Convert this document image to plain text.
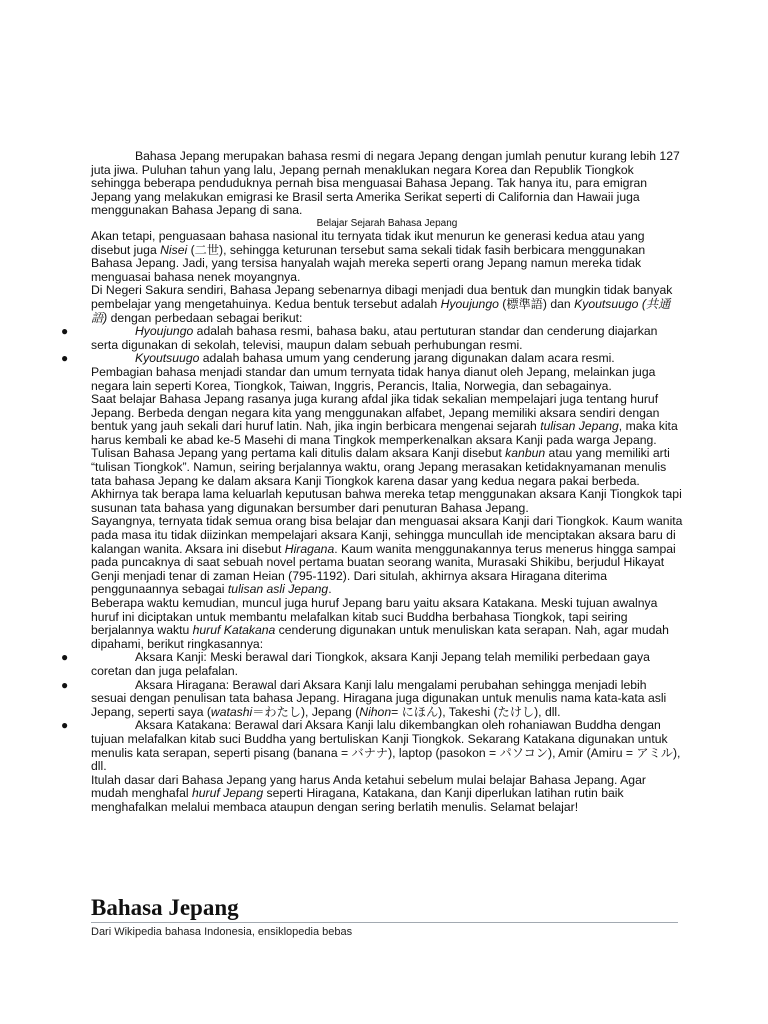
Bahasa Jepang merupakan bahasa resmi di negara Jepang dengan jumlah penutur kurang lebih 127 juta jiwa. Puluhan tahun yang lalu, Jepang pernah menaklukan negara Korea dan Republik Tiongkok sehingga beberapa penduduknya pernah bisa menguasai Bahasa Jepang. Tak hanya itu, para emigran Jepang yang melakukan emigrasi ke Brasil serta Amerika Serikat seperti di California dan Hawaii juga menggunakan Bahasa Jepang di sana.

Belajar Sejarah Bahasa Jepang

Akan tetapi, penguasaan bahasa nasional itu ternyata tidak ikut menurun ke generasi kedua atau yang disebut juga Nisei (二世), sehingga keturunan tersebut sama sekali tidak fasih berbicara menggunakan Bahasa Jepang. Jadi, yang tersisa hanyalah wajah mereka seperti orang Jepang namun mereka tidak menguasai bahasa nenek moyangnya.

Di Negeri Sakura sendiri, Bahasa Jepang sebenarnya dibagi menjadi dua bentuk dan mungkin tidak banyak pembelajar yang mengetahuinya. Kedua bentuk tersebut adalah Hyoujungo (標準語) dan Kyoutsuugo (共通語) dengan perbedaan sebagai berikut:

●	Hyoujungo adalah bahasa resmi, bahasa baku, atau pertuturan standar dan cenderung diajarkan serta digunakan di sekolah, televisi, maupun dalam sebuah perhubungan resmi.

●	Kyoutsuugo adalah bahasa umum yang cenderung jarang digunakan dalam acara resmi.

Pembagian bahasa menjadi standar dan umum ternyata tidak hanya dianut oleh Jepang, melainkan juga negara lain seperti Korea, Tiongkok, Taiwan, Inggris, Perancis, Italia, Norwegia, dan sebagainya.

Saat belajar Bahasa Jepang rasanya juga kurang afdal jika tidak sekalian mempelajari juga tentang huruf Jepang. Berbeda dengan negara kita yang menggunakan alfabet, Jepang memiliki aksara sendiri dengan bentuk yang jauh sekali dari huruf latin. Nah, jika ingin berbicara mengenai sejarah tulisan Jepang, maka kita harus kembali ke abad ke-5 Masehi di mana Tingkok memperkenalkan aksara Kanji pada warga Jepang.

Tulisan Bahasa Jepang yang pertama kali ditulis dalam aksara Kanji disebut kanbun atau yang memiliki arti “tulisan Tiongkok”. Namun, seiring berjalannya waktu, orang Jepang merasakan ketidaknyamanan menulis tata bahasa Jepang ke dalam aksara Kanji Tiongkok karena dasar yang kedua negara pakai berbeda. Akhirnya tak berapa lama keluarlah keputusan bahwa mereka tetap menggunakan aksara Kanji Tiongkok tapi susunan tata bahasa yang digunakan bersumber dari penuturan Bahasa Jepang.

Sayangnya, ternyata tidak semua orang bisa belajar dan menguasai aksara Kanji dari Tiongkok. Kaum wanita pada masa itu tidak diizinkan mempelajari aksara Kanji, sehingga muncullah ide menciptakan aksara baru di kalangan wanita. Aksara ini disebut Hiragana. Kaum wanita menggunakannya terus menerus hingga sampai pada puncaknya di saat sebuah novel pertama buatan seorang wanita, Murasaki Shikibu, berjudul Hikayat Genji menjadi tenar di zaman Heian (795-1192). Dari situlah, akhirnya aksara Hiragana diterima penggunaannya sebagai tulisan asli Jepang.

Beberapa waktu kemudian, muncul juga huruf Jepang baru yaitu aksara Katakana. Meski tujuan awalnya huruf ini diciptakan untuk membantu melafalkan kitab suci Buddha berbahasa Tiongkok, tapi seiring berjalannya waktu huruf Katakana cenderung digunakan untuk menuliskan kata serapan. Nah, agar mudah dipahami, berikut ringkasannya:

●	Aksara Kanji: Meski berawal dari Tiongkok, aksara Kanji Jepang telah memiliki perbedaan gaya coretan dan juga pelafalan.

●	Aksara Hiragana: Berawal dari Aksara Kanji lalu mengalami perubahan sehingga menjadi lebih sesuai dengan penulisan tata bahasa Jepang. Hiragana juga digunakan untuk menulis nama kata-kata asli Jepang, seperti saya (watashi＝わたし), Jepang (Nihon= にほん), Takeshi (たけし), dll.

●	Aksara Katakana: Berawal dari Aksara Kanji lalu dikembangkan oleh rohaniawan Buddha dengan tujuan melafalkan kitab suci Buddha yang bertuliskan Kanji Tiongkok. Sekarang Katakana digunakan untuk menulis kata serapan, seperti pisang (banana = バナナ), laptop (pasokon = パソコン), Amir (Amiru = アミル), dll.

Itulah dasar dari Bahasa Jepang yang harus Anda ketahui sebelum mulai belajar Bahasa Jepang. Agar mudah menghafal huruf Jepang seperti Hiragana, Katakana, dan Kanji diperlukan latihan rutin baik menghafalkan melalui membaca ataupun dengan sering berlatih menulis. Selamat belajar!

Bahasa Jepang
Dari Wikipedia bahasa Indonesia, ensiklopedia bebas
